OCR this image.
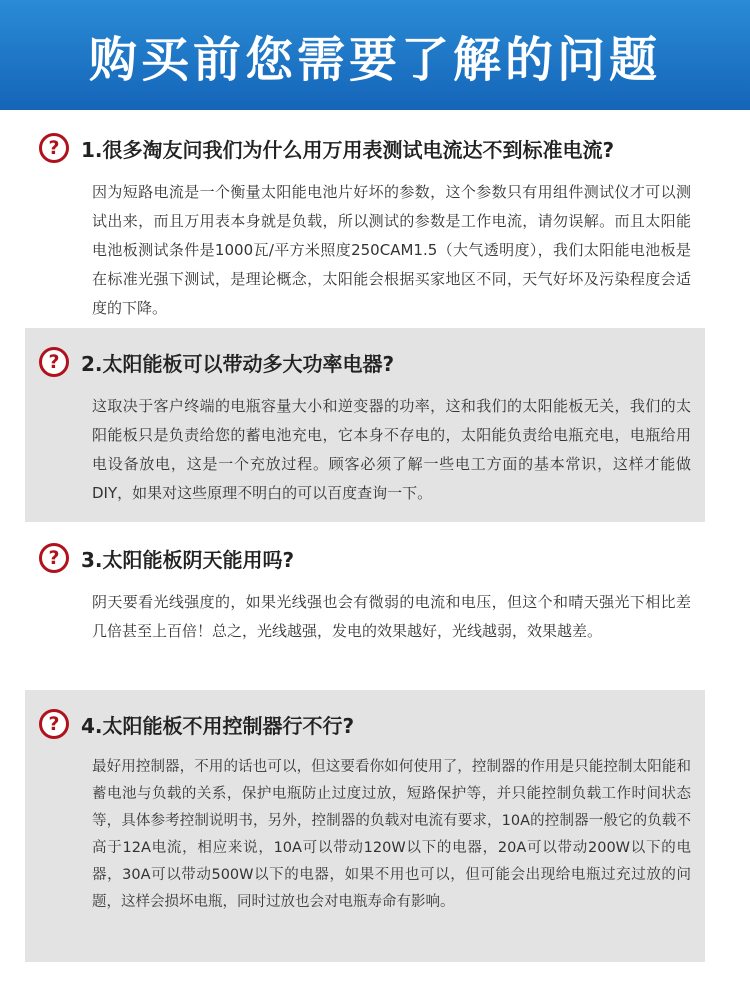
购买前您需要了解的问题
?	1.很多淘友问我们为什么用万用表测试电流达不到标准电流?

因为短路电流是一个衡量太阳能电池片好坏的参数，这个参数只有用组件测试仪才可以测试出来，而且万用表本身就是负载，所以测试的参数是工作电流，请勿误解。而且太阳能电池板测试条件是1000瓦/平方米照度250CAM1.5（大气透明度），我们太阳能电池板是在标准光强下测试，是理论概念，太阳能会根据买家地区不同，天气好坏及污染程度会适度的下降。

?	2.太阳能板可以带动多大功率电器?

这取决于客户终端的电瓶容量大小和逆变器的功率，这和我们的太阳能板无关，我们的太阳能板只是负责给您的蓄电池充电，它本身不存电的，太阳能负责给电瓶充电，电瓶给用电设备放电，这是一个充放过程。顾客必须了解一些电工方面的基本常识，这样才能做DIY，如果对这些原理不明白的可以百度查询一下。

?	3.太阳能板阴天能用吗?

阴天要看光线强度的，如果光线强也会有微弱的电流和电压，但这个和晴天强光下相比差几倍甚至上百倍！总之，光线越强，发电的效果越好，光线越弱，效果越差。

?	4.太阳能板不用控制器行不行?

最好用控制器，不用的话也可以，但这要看你如何使用了，控制器的作用是只能控制太阳能和蓄电池与负载的关系，保护电瓶防止过度过放，短路保护等，并只能控制负载工作时间状态等，具体参考控制说明书，另外，控制器的负载对电流有要求，10A的控制器一般它的负载不高于12A电流，相应来说，10A可以带动120W以下的电器，20A可以带动200W以下的电器，30A可以带动500W以下的电器，如果不用也可以，但可能会出现给电瓶过充过放的问题，这样会损坏电瓶，同时过放也会对电瓶寿命有影响。
